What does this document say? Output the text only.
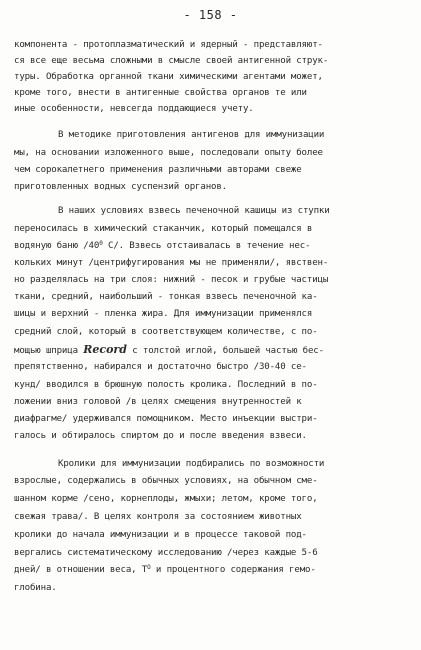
- 158 -
компонента - протоплазматический и ядерный - представляют-
ся все еще весьма сложными в смысле своей антигенной струк-
туры. Обработка органной ткани химическими агентами может,
кроме того, внести в антигенные свойства органов те или
иные особенности, невсегда поддающиеся учету.
В методике приготовления антигенов для иммунизации
мы, на основании изложенного выше, последовали опыту более
чем сорокалетнего применения различными авторами свеже
приготовленных водных суспензий органов.
В наших условиях взвесь печеночной кашицы из ступки
переносилась в химический стаканчик, который помещался в
водяную баню $/40^0$ С/. Взвесь отстаивалась в течение нес-
кольких минут /центрифугирования мы не применяли/, явствен-
но разделялась на три слоя: нижний - песок и грубые частицы
ткани, средний, наибольший - тонкая взвесь печеночной ка-
шицы и верхний - пленка жира. Для иммунизации применялся
средний слой, который в соответствующем количестве, с по-
мощью шприца Record с толстой иглой, большей частью бес-
препятственно, набирался и достаточно быстро /30-40 се-
кунд/ вводился в брюшную полость кролика. Последний в по-
ложении вниз головой /в целях смещения внутренностей к
диафрагме/ удерживался помощником. Место инъекции выстри-
галось и обтиралось спиртом до и после введения взвеси.
Кролики для иммунизации подбирались по возможности
взрослые, содержались в обычных условиях, на обычном сме-
шанном корме /сено, корнеплоды, жмыхи; летом, кроме того,
свежая трава/. В целях контроля за состоянием животных
кролики до начала иммунизации и в процессе таковой под-
вергались систематическому исследованию /через каждые 5-6
дней/ в отношении веса, $Т^О$ и процентного содержания гемо-
глобина.
